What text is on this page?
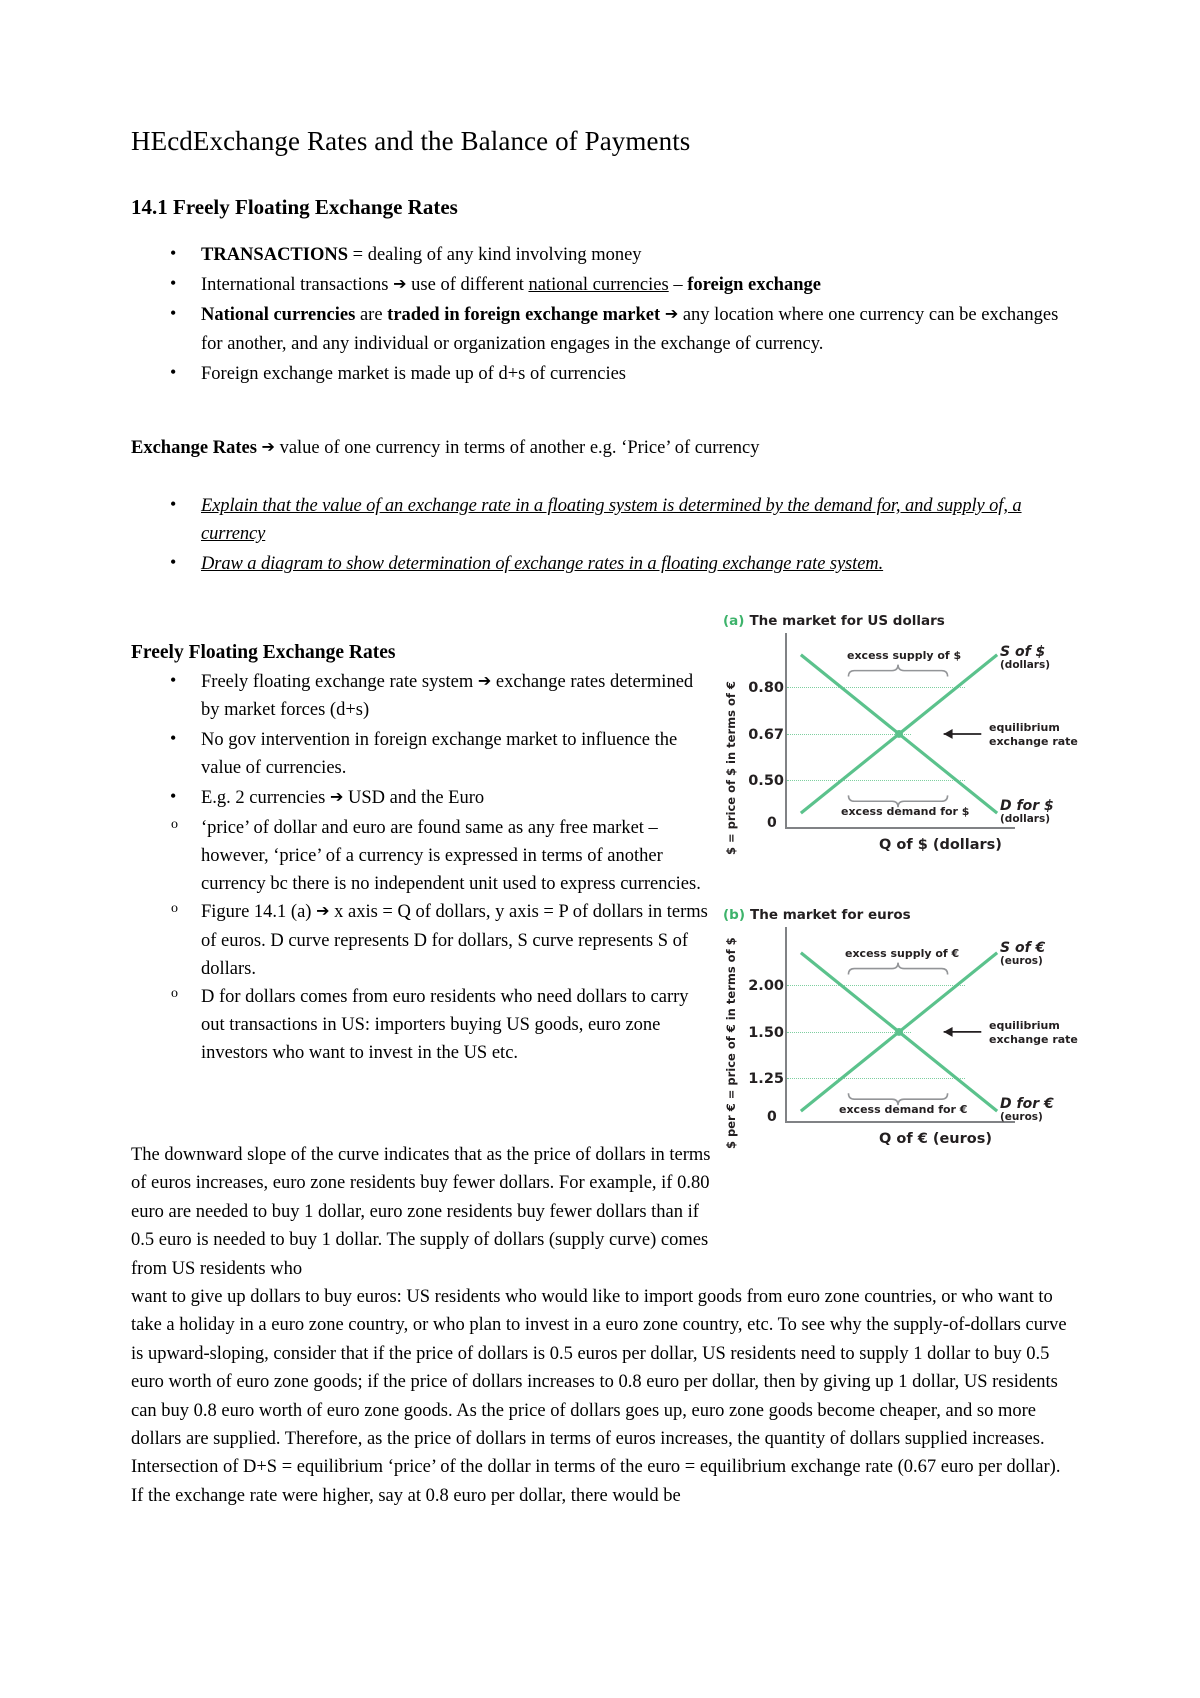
HEcdExchange Rates and the Balance of Payments
14.1 Freely Floating Exchange Rates
• TRANSACTIONS = dealing of any kind involving money
• International transactions ➔ use of different national currencies – foreign exchange
• National currencies are traded in foreign exchange market ➔ any location where one currency can be exchanges for another, and any individual or organization engages in the exchange of currency.
• Foreign exchange market is made up of d+s of currencies

Exchange Rates ➔ value of one currency in terms of another e.g. ‘Price’ of currency

• Explain that the value of an exchange rate in a floating system is determined by the demand for, and supply of, a currency
• Draw a diagram to show determination of exchange rates in a floating exchange rate system.
Freely Floating Exchange Rates
• Freely floating exchange rate system ➔ exchange rates determined by market forces (d+s)
• No gov intervention in foreign exchange market to influence the value of currencies.
• E.g. 2 currencies ➔ USD and the Euro
o ‘price’ of dollar and euro are found same as any free market – however, ‘price’ of a currency is expressed in terms of another currency bc there is no independent unit used to express currencies.
o Figure 14.1 (a) ➔ x axis = Q of dollars, y axis = P of dollars in terms of euros. D curve represents D for dollars, S curve represents S of dollars.
o D for dollars comes from euro residents who need dollars to carry out transactions in US: importers buying US goods, euro zone investors who want to invest in the US etc.

The downward slope of the curve indicates that as the price of dollars in terms of euros increases, euro zone residents buy fewer dollars. For example, if 0.80 euro are needed to buy 1 dollar, euro zone residents buy fewer dollars than if 0.5 euro is needed to buy 1 dollar. The supply of dollars (supply curve) comes from US residents who

want to give up dollars to buy euros: US residents who would like to import goods from euro zone countries, or who want to take a holiday in a euro zone country, or who plan to invest in a euro zone country, etc. To see why the supply-of-dollars curve is upward-sloping, consider that if the price of dollars is 0.5 euros per dollar, US residents need to supply 1 dollar to buy 0.5 euro worth of euro zone goods; if the price of dollars increases to 0.8 euro per dollar, then by giving up 1 dollar, US residents can buy 0.8 euro worth of euro zone goods. As the price of dollars goes up, euro zone goods become cheaper, and so more dollars are supplied. Therefore, as the price of dollars in terms of euros increases, the quantity of dollars supplied increases.

Intersection of D+S = equilibrium ‘price’ of the dollar in terms of the euro = equilibrium exchange rate (0.67 euro per dollar). If the exchange rate were higher, say at 0.8 euro per dollar, there would be

(a) The market for US dollars
$ = price of $ in terms of € 0.80
0.67
0.50
excess supply of $
excess demand for $
S of $
(dollars)
D for $
(dollars)
equilibrium exchange rate
0
Q of $ (dollars)
(b) The market for euros
$ per € = price of € in terms of $ 2.00
1.50
1.25
excess supply of €
excess demand for €
S of €
(euros)
D for €
(euros)
equilibrium exchange rate
0
Q of € (euros)
